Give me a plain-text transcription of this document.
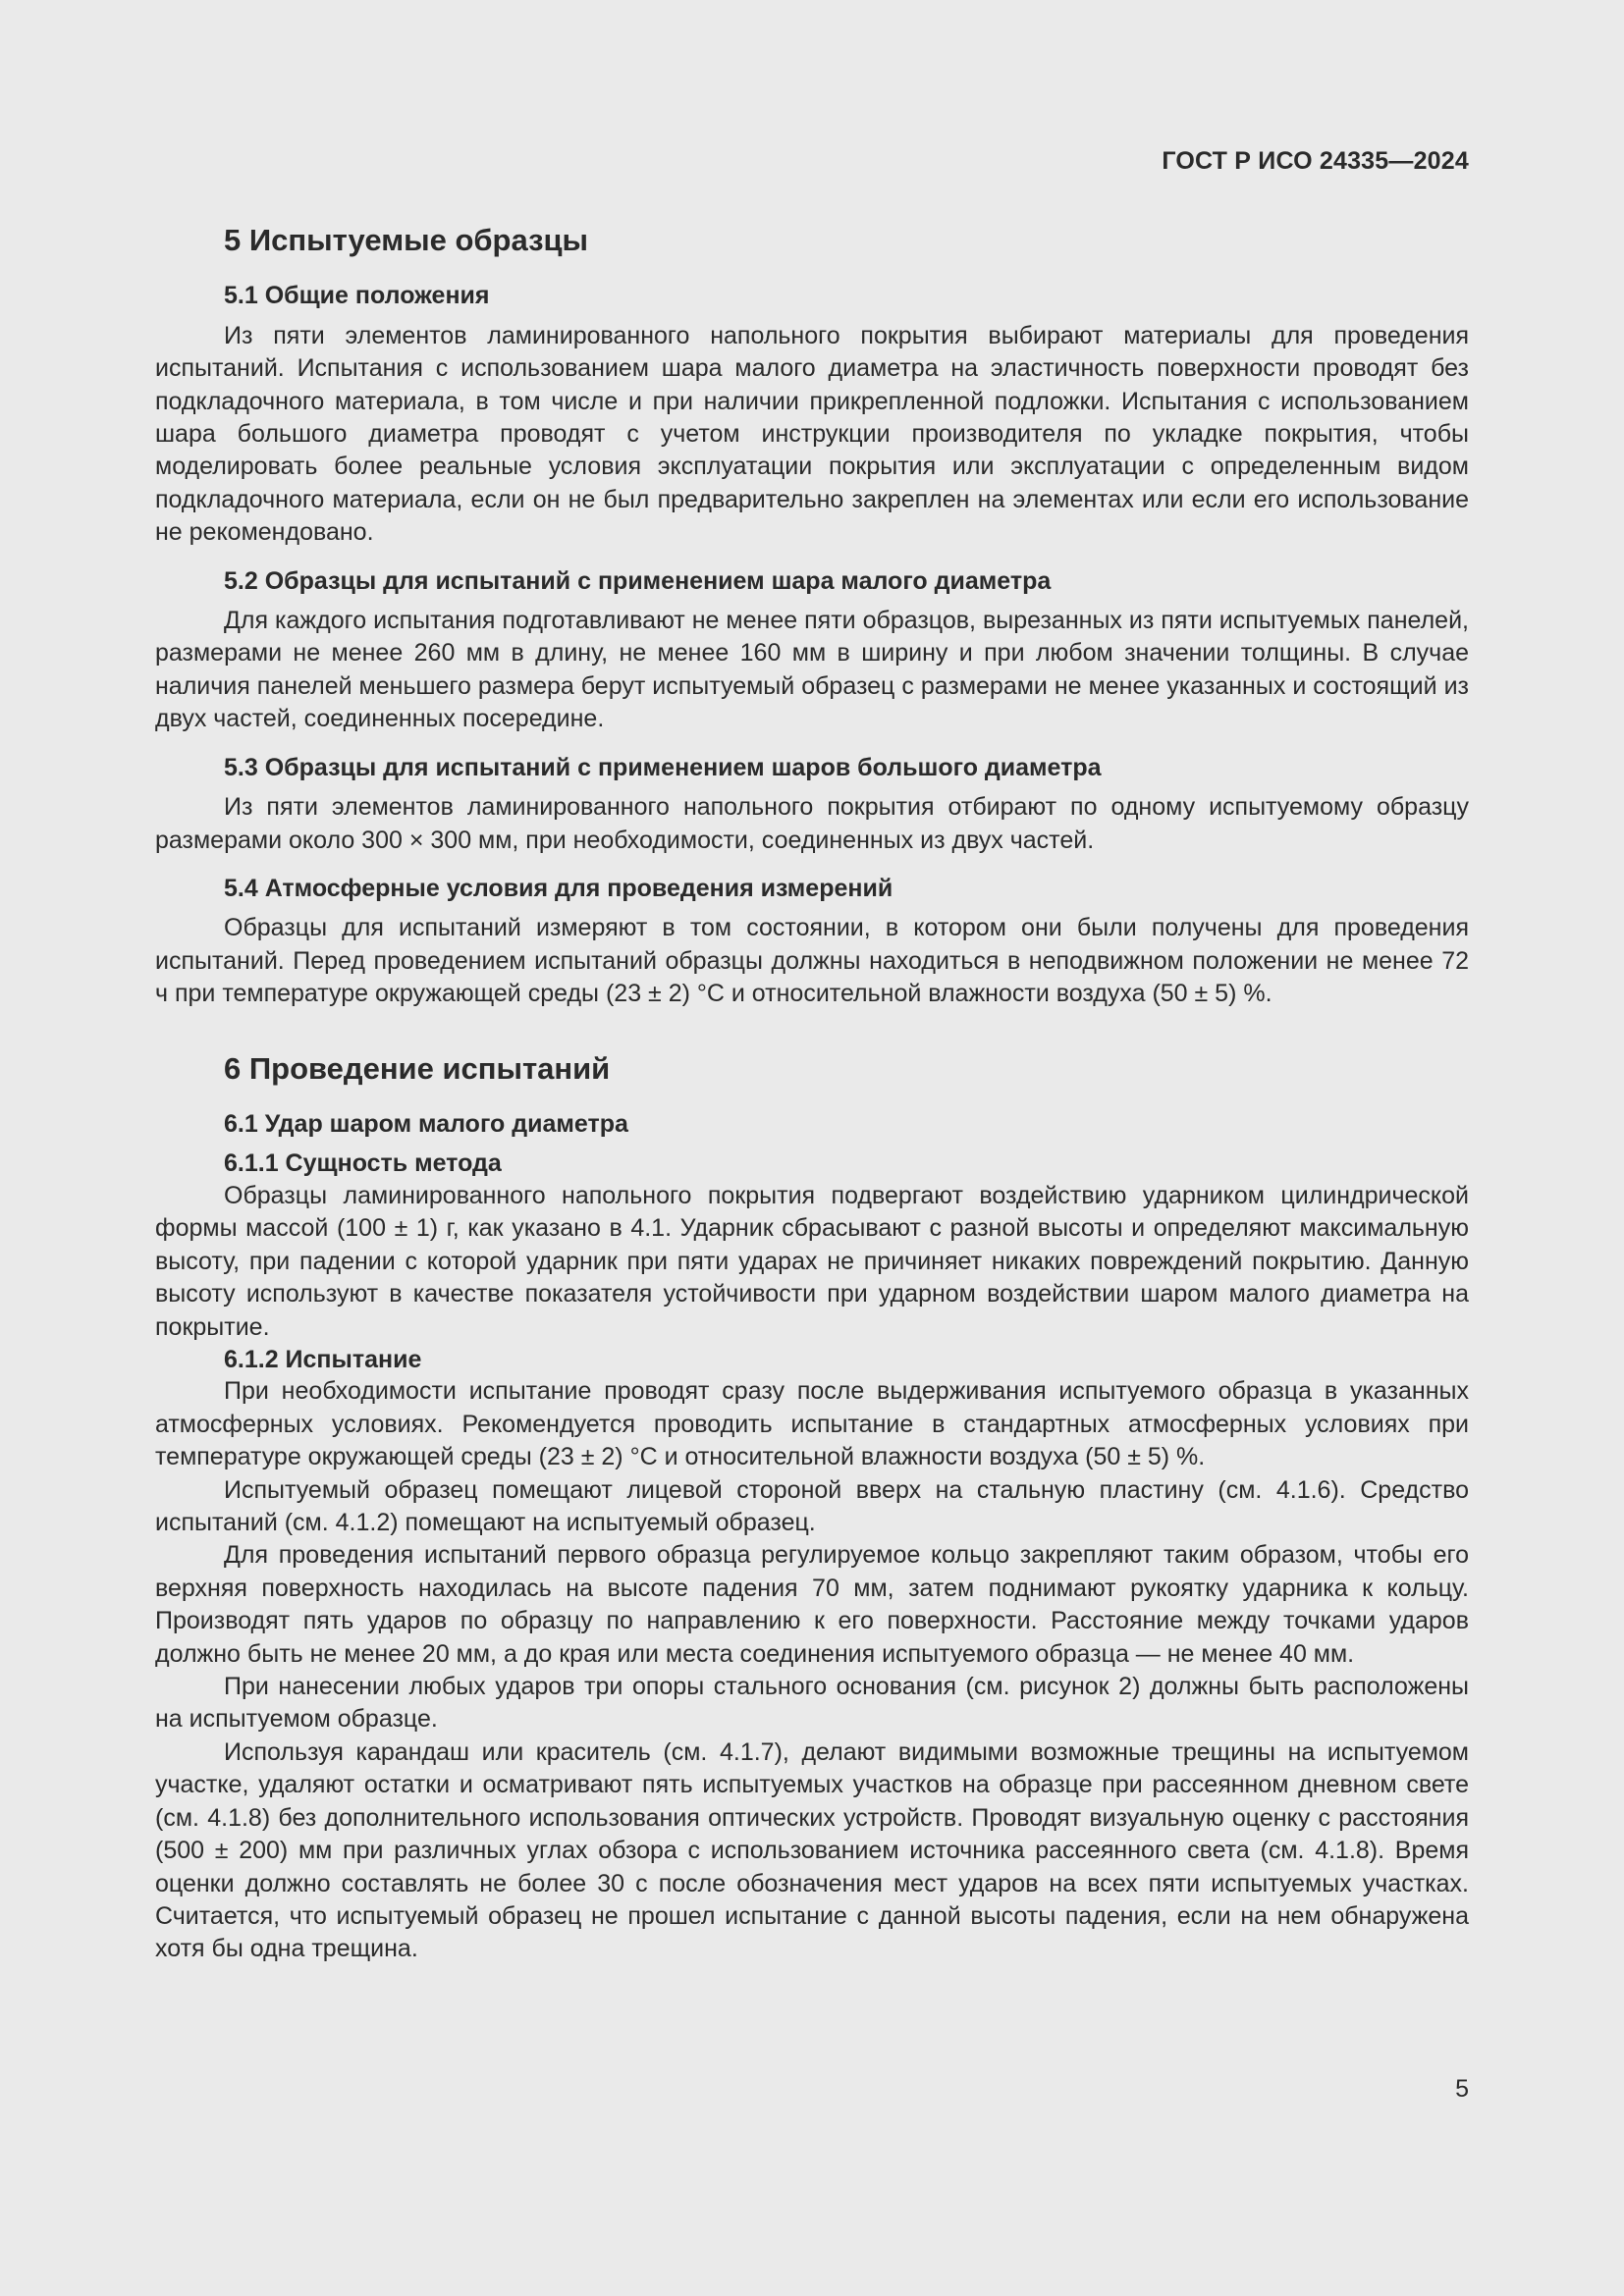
ГОСТ Р ИСО 24335—2024
5 Испытуемые образцы
5.1 Общие положения

Из пяти элементов ламинированного напольного покрытия выбирают материалы для проведения испытаний. Испытания с использованием шара малого диаметра на эластичность поверхности проводят без подкладочного материала, в том числе и при наличии прикрепленной подложки. Испытания с использованием шара большого диаметра проводят с учетом инструкции производителя по укладке покрытия, чтобы моделировать более реальные условия эксплуатации покрытия или эксплуатации с определенным видом подкладочного материала, если он не был предварительно закреплен на элементах или если его использование не рекомендовано.

5.2 Образцы для испытаний с применением шара малого диаметра

Для каждого испытания подготавливают не менее пяти образцов, вырезанных из пяти испытуемых панелей, размерами не менее 260 мм в длину, не менее 160 мм в ширину и при любом значении толщины. В случае наличия панелей меньшего размера берут испытуемый образец с размерами не менее указанных и состоящий из двух частей, соединенных посередине.

5.3 Образцы для испытаний с применением шаров большого диаметра

Из пяти элементов ламинированного напольного покрытия отбирают по одному испытуемому образцу размерами около 300 × 300 мм, при необходимости, соединенных из двух частей.

5.4 Атмосферные условия для проведения измерений

Образцы для испытаний измеряют в том состоянии, в котором они были получены для проведения испытаний. Перед проведением испытаний образцы должны находиться в неподвижном положении не менее 72 ч при температуре окружающей среды (23 ± 2) °С и относительной влажности воздуха (50 ± 5) %.

6 Проведение испытаний
6.1 Удар шаром малого диаметра
6.1.1 Сущность метода

Образцы ламинированного напольного покрытия подвергают воздействию ударником цилиндрической формы массой (100 ± 1) г, как указано в 4.1. Ударник сбрасывают с разной высоты и определяют максимальную высоту, при падении с которой ударник при пяти ударах не причиняет никаких повреждений покрытию. Данную высоту используют в качестве показателя устойчивости при ударном воздействии шаром малого диаметра на покрытие.

6.1.2 Испытание

При необходимости испытание проводят сразу после выдерживания испытуемого образца в указанных атмосферных условиях. Рекомендуется проводить испытание в стандартных атмосферных условиях при температуре окружающей среды (23 ± 2) °С и относительной влажности воздуха (50 ± 5) %.

Испытуемый образец помещают лицевой стороной вверх на стальную пластину (см. 4.1.6). Средство испытаний (см. 4.1.2) помещают на испытуемый образец.

Для проведения испытаний первого образца регулируемое кольцо закрепляют таким образом, чтобы его верхняя поверхность находилась на высоте падения 70 мм, затем поднимают рукоятку ударника к кольцу. Производят пять ударов по образцу по направлению к его поверхности. Расстояние между точками ударов должно быть не менее 20 мм, а до края или места соединения испытуемого образца — не менее 40 мм.

При нанесении любых ударов три опоры стального основания (см. рисунок 2) должны быть расположены на испытуемом образце.

Используя карандаш или краситель (см. 4.1.7), делают видимыми возможные трещины на испытуемом участке, удаляют остатки и осматривают пять испытуемых участков на образце при рассеянном дневном свете (см. 4.1.8) без дополнительного использования оптических устройств. Проводят визуальную оценку с расстояния (500 ± 200) мм при различных углах обзора с использованием источника рассеянного света (см. 4.1.8). Время оценки должно составлять не более 30 с после обозначения мест ударов на всех пяти испытуемых участках. Считается, что испытуемый образец не прошел испытание с данной высоты падения, если на нем обнаружена хотя бы одна трещина.

5
